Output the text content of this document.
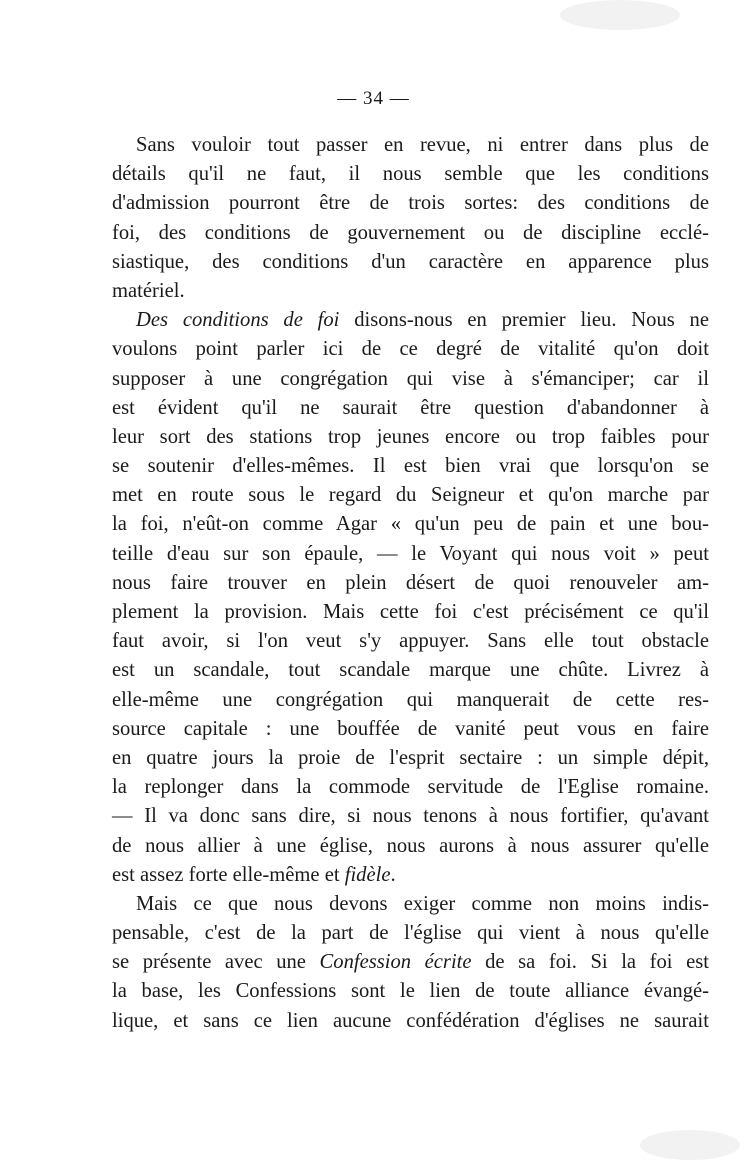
— 34 —
Sans vouloir tout passer en revue, ni entrer dans plus de
détails qu'il ne faut, il nous semble que les conditions
d'admission pourront être de trois sortes: des conditions de
foi, des conditions de gouvernement ou de discipline ecclé-
siastique, des conditions d'un caractère en apparence plus
matériel.
Des conditions de foi disons-nous en premier lieu. Nous ne
voulons point parler ici de ce degré de vitalité qu'on doit
supposer à une congrégation qui vise à s'émanciper; car il
est évident qu'il ne saurait être question d'abandonner à
leur sort des stations trop jeunes encore ou trop faibles pour
se soutenir d'elles-mêmes. Il est bien vrai que lorsqu'on se
met en route sous le regard du Seigneur et qu'on marche par
la foi, n'eût-on comme Agar « qu'un peu de pain et une bou-
teille d'eau sur son épaule, — le Voyant qui nous voit » peut
nous faire trouver en plein désert de quoi renouveler am-
plement la provision. Mais cette foi c'est précisément ce qu'il
faut avoir, si l'on veut s'y appuyer. Sans elle tout obstacle
est un scandale, tout scandale marque une chûte. Livrez à
elle-même une congrégation qui manquerait de cette res-
source capitale : une bouffée de vanité peut vous en faire
en quatre jours la proie de l'esprit sectaire : un simple dépit,
la replonger dans la commode servitude de l'Eglise romaine.
— Il va donc sans dire, si nous tenons à nous fortifier, qu'avant
de nous allier à une église, nous aurons à nous assurer qu'elle
est assez forte elle-même et fidèle.
Mais ce que nous devons exiger comme non moins indis-
pensable, c'est de la part de l'église qui vient à nous qu'elle
se présente avec une Confession écrite de sa foi. Si la foi est
la base, les Confessions sont le lien de toute alliance évangé-
lique, et sans ce lien aucune confédération d'églises ne saurait
